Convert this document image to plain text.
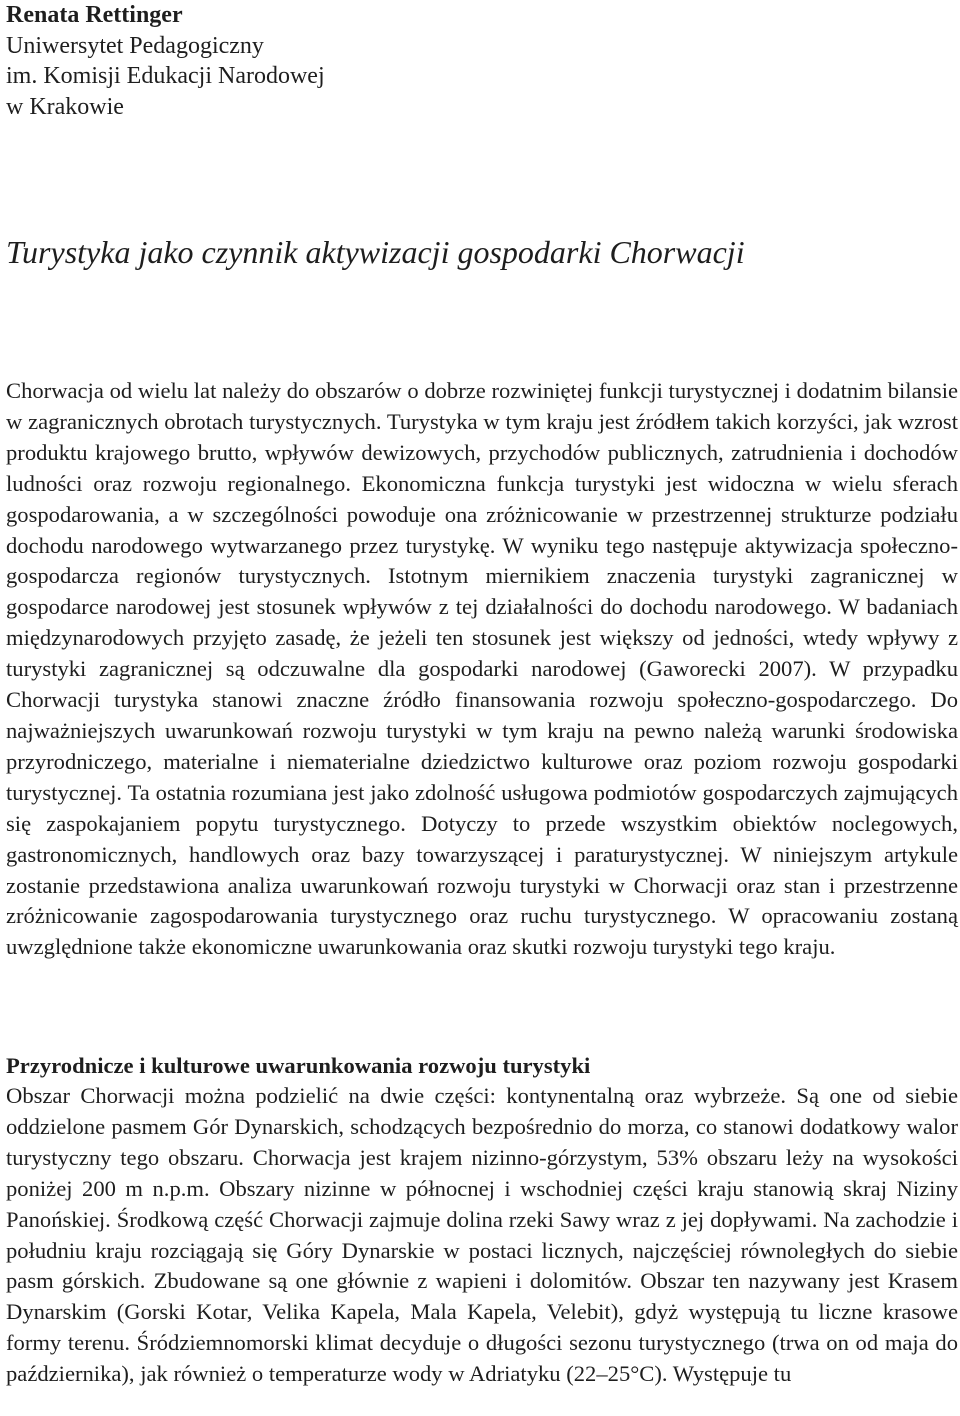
Renata Rettinger
Uniwersytet Pedagogiczny
im. Komisji Edukacji Narodowej
w Krakowie
Turystyka jako czynnik aktywizacji gospodarki Chorwacji

Chorwacja od wielu lat należy do obszarów o dobrze rozwiniętej funkcji turystycznej i dodatnim bilansie w zagranicznych obrotach turystycznych. Turystyka w tym kraju jest źródłem takich korzyści, jak wzrost produktu krajowego brutto, wpływów dewizowych, przychodów publicznych, zatrudnienia i dochodów ludności oraz rozwoju regionalnego. Ekonomiczna funkcja turystyki jest widoczna w wielu sferach gospodarowania, a w szczególności powoduje ona zróżnicowanie w przestrzennej strukturze podziału dochodu narodowego wytwarzanego przez turystykę. W wyniku tego następuje aktywizacja społeczno-gospodarcza regionów turystycznych. Istotnym miernikiem znaczenia turystyki zagranicznej w gospodarce narodowej jest stosunek wpływów z tej działalności do dochodu narodowego. W badaniach międzynarodowych przyjęto zasadę, że jeżeli ten stosunek jest większy od jedności, wtedy wpływy z turystyki zagranicznej są odczuwalne dla gospodarki narodowej (Gaworecki 2007). W przypadku Chorwacji turystyka stanowi znaczne źródło finansowania rozwoju społeczno-gospodarczego. Do najważniejszych uwarunkowań rozwoju turystyki w tym kraju na pewno należą warunki środowiska przyrodniczego, materialne i niematerialne dziedzictwo kulturowe oraz poziom rozwoju gospodarki turystycznej. Ta ostatnia rozumiana jest jako zdolność usługowa podmiotów gospodarczych zajmujących się zaspokajaniem popytu turystycznego. Dotyczy to przede wszystkim obiektów noclegowych, gastronomicznych, handlowych oraz bazy towarzyszącej i paraturystycznej. W niniejszym artykule zostanie przedstawiona analiza uwarunkowań rozwoju turystyki w Chorwacji oraz stan i przestrzenne zróżnicowanie zagospodarowania turystycznego oraz ruchu turystycznego. W opracowaniu zostaną uwzględnione także ekonomiczne uwarunkowania oraz skutki rozwoju turystyki tego kraju.

Przyrodnicze i kulturowe uwarunkowania rozwoju turystyki

Obszar Chorwacji można podzielić na dwie części: kontynentalną oraz wybrzeże. Są one od siebie oddzielone pasmem Gór Dynarskich, schodzących bezpośrednio do morza, co stanowi dodatkowy walor turystyczny tego obszaru. Chorwacja jest krajem nizinno-górzystym, 53% obszaru leży na wysokości poniżej 200 m n.p.m. Obszary nizinne w północnej i wschodniej części kraju stanowią skraj Niziny Panońskiej. Środkową część Chorwacji zajmuje dolina rzeki Sawy wraz z jej dopływami. Na zachodzie i południu kraju rozciągają się Góry Dynarskie w postaci licznych, najczęściej równoległych do siebie pasm górskich. Zbudowane są one głównie z wapieni i dolomitów. Obszar ten nazywany jest Krasem Dynarskim (Gorski Kotar, Velika Kapela, Mala Kapela, Velebit), gdyż występują tu liczne krasowe formy terenu. Śródziemnomorski klimat decyduje o długości sezonu turystycznego (trwa on od maja do października), jak również o temperaturze wody w Adriatyku (22–25°C). Występuje tu
